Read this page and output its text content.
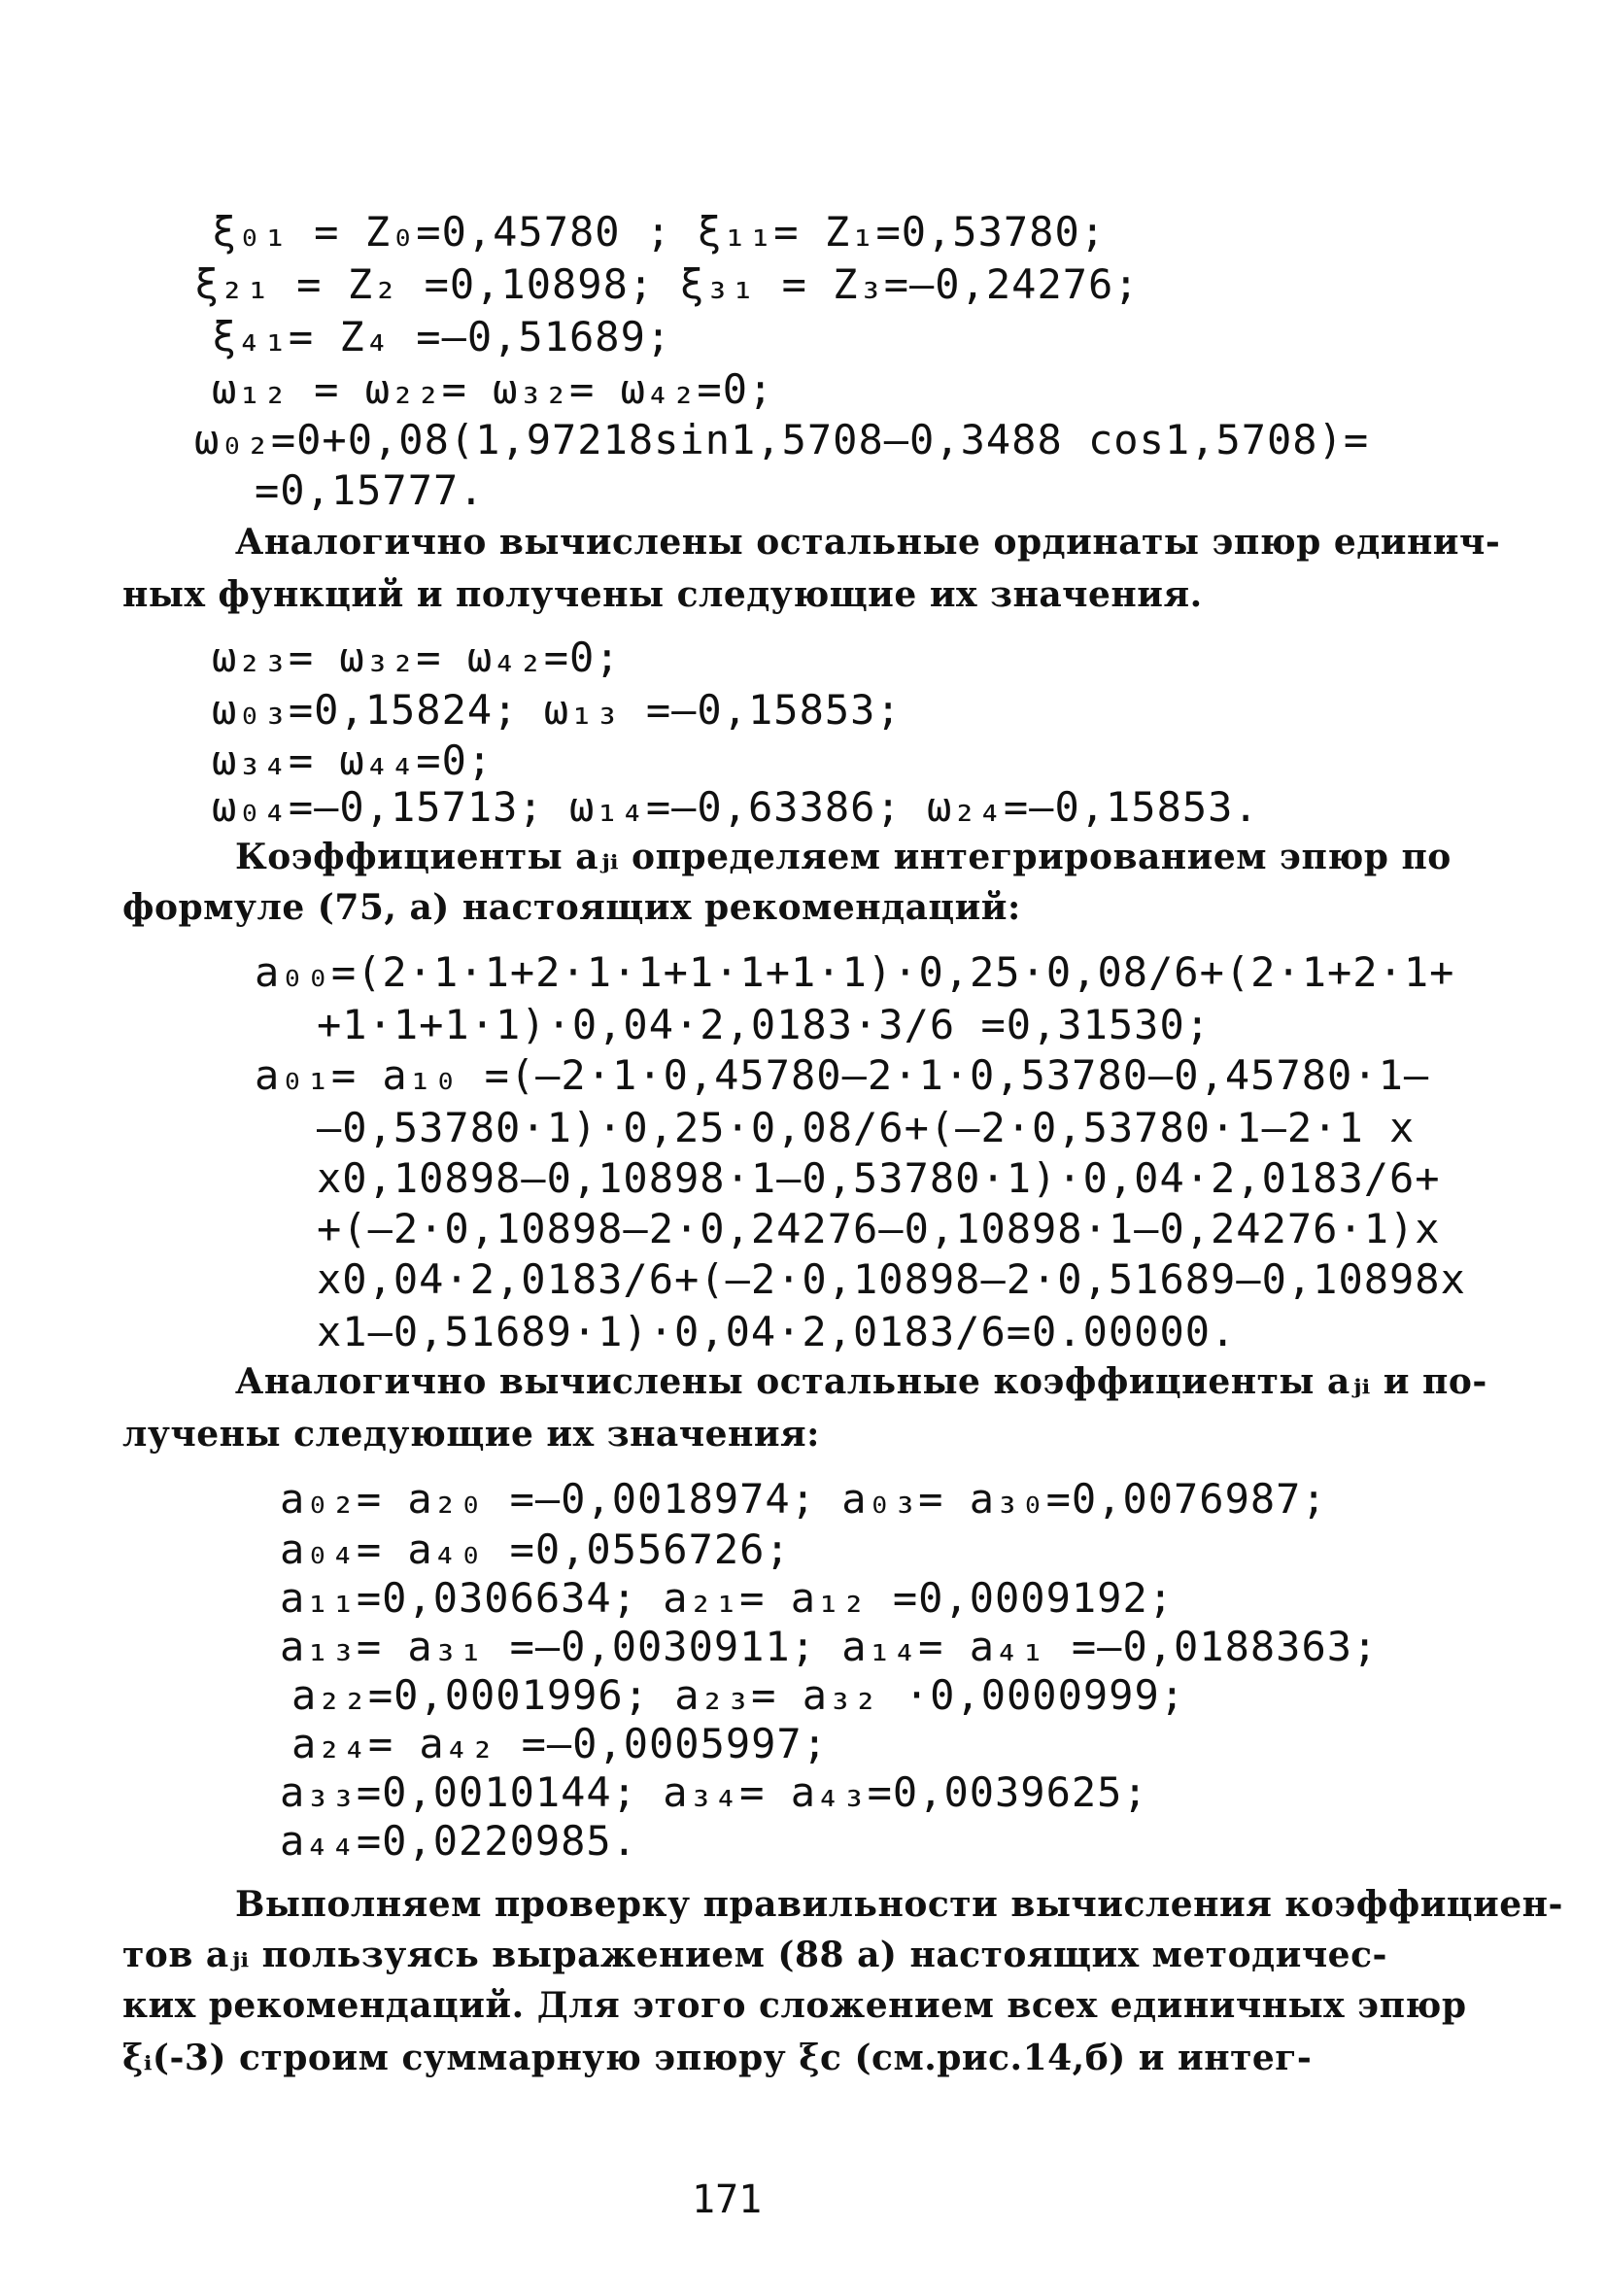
ξ₀₁ = Z₀=0,45780 ; ξ₁₁= Z₁=0,53780;
ξ₂₁ = Z₂ =0,10898; ξ₃₁ = Z₃=–0,24276;
ξ₄₁= Z₄ =–0,51689;
ω₁₂ = ω₂₂= ω₃₂= ω₄₂=0;
ω₀₂=0+0,08(1,97218sin1,5708–0,3488 cos1,5708)=
=0,15777.
Аналогично вычислены остальные ординаты эпюр единич-
ных функций и получены следующие их значения.
ω₂₃= ω₃₂= ω₄₂=0;
ω₀₃=0,15824; ω₁₃ =–0,15853;
ω₃₄= ω₄₄=0;
ω₀₄=–0,15713; ω₁₄=–0,63386; ω₂₄=–0,15853.
Коэффициенты aⱼᵢ определяем интегрированием эпюр по
формуле (75, а) настоящих рекомендаций:
a₀₀=(2·1·1+2·1·1+1·1+1·1)·0,25·0,08/6+(2·1+2·1+
+1·1+1·1)·0,04·2,0183·3/6 =0,31530;
a₀₁= a₁₀ =(–2·1·0,45780–2·1·0,53780–0,45780·1–
–0,53780·1)·0,25·0,08/6+(–2·0,53780·1–2·1 x
x0,10898–0,10898·1–0,53780·1)·0,04·2,0183/6+
+(–2·0,10898–2·0,24276–0,10898·1–0,24276·1)x
x0,04·2,0183/6+(–2·0,10898–2·0,51689–0,10898x
x1–0,51689·1)·0,04·2,0183/6=0.00000.
Аналогично вычислены остальные коэффициенты aⱼᵢ и по-
лучены следующие их значения:
a₀₂= a₂₀ =–0,0018974; a₀₃= a₃₀=0,0076987;
a₀₄= a₄₀ =0,0556726;
a₁₁=0,0306634; a₂₁= a₁₂ =0,0009192;
a₁₃= a₃₁ =–0,0030911; a₁₄= a₄₁ =–0,0188363;
a₂₂=0,0001996; a₂₃= a₃₂ ·0,0000999;
a₂₄= a₄₂ =–0,0005997;
a₃₃=0,0010144; a₃₄= a₄₃=0,0039625;
a₄₄=0,0220985.
Выполняем проверку правильности вычисления коэффициен-
тов aⱼᵢ пользуясь выражением (88 а) настоящих методичес-
ких рекомендаций. Для этого сложением всех единичных эпюр
ξᵢ(-3) строим суммарную эпюру ξc (см.рис.14,б) и интег-
171
